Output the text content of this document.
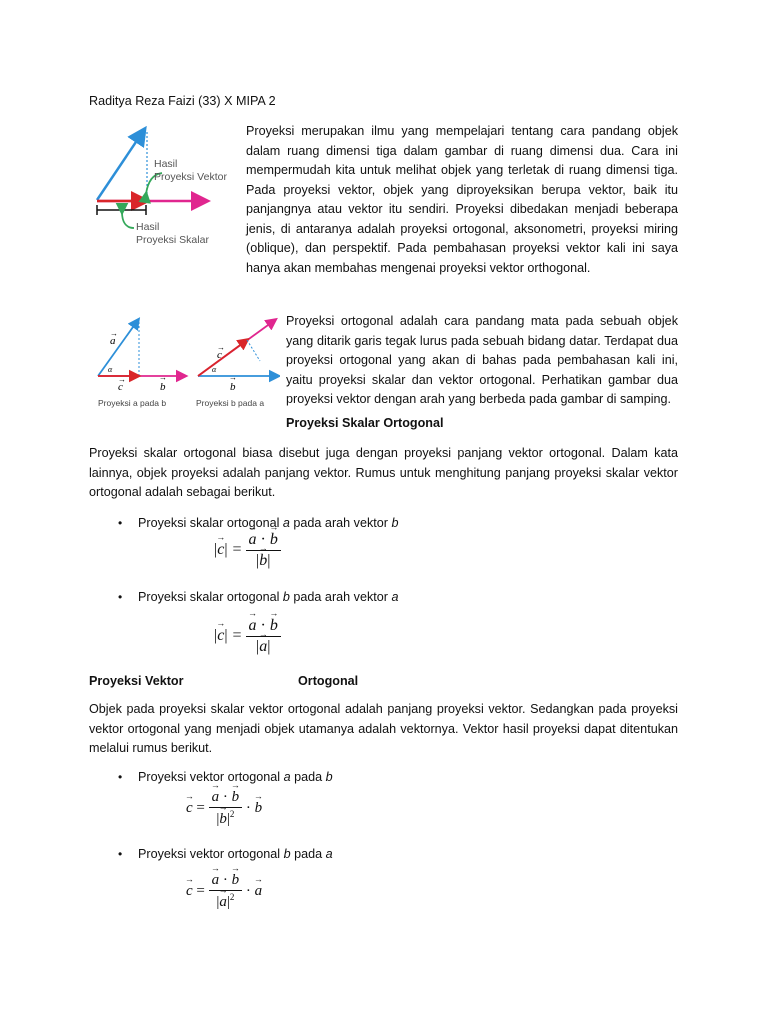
Raditya Reza Faizi (33) X MIPA 2
Hasil
Proyeksi Vektor
Hasil
Proyeksi Skalar
Proyeksi merupakan ilmu yang mempelajari tentang cara pandang objek dalam ruang dimensi tiga dalam gambar di ruang dimensi dua. Cara ini mempermudah kita untuk melihat objek yang terletak di ruang dimensi tiga. Pada proyeksi vektor, objek yang diproyeksikan berupa vektor, baik itu panjangnya atau vektor itu sendiri. Proyeksi dibedakan menjadi beberapa jenis, di antaranya adalah proyeksi ortogonal, aksonometri, proyeksi miring (oblique), dan perspektif. Pada pembahasan proyeksi vektor kali ini saya hanya akan membahas mengenai proyeksi vektor orthogonal.
a
→
α
c
→
b
→
Proyeksi a pada b
c
→
α
b
→
Proyeksi b pada a
a
Proyeksi ortogonal adalah cara pandang mata pada sebuah objek yang ditarik garis tegak lurus pada sebuah bidang datar. Terdapat dua proyeksi ortogonal yang akan di bahas pada pembahasan kali ini, yaitu proyeksi skalar dan vektor ortogonal. Perhatikan gambar dua proyeksi vektor dengan arah yang berbeda pada gambar di samping.
Proyeksi Skalar Ortogonal
Proyeksi skalar ortogonal biasa disebut juga dengan proyeksi panjang vektor ortogonal. Dalam kata lainnya, objek proyeksi adalah panjang vektor. Rumus untuk menghitung panjang proyeksi skalar vektor ortogonal adalah sebagai berikut.
• Proyeksi skalar ortogonal a pada arah vektor b
|→ c| = → $\frac{a \cdot \to b}{|\to b|}$
• Proyeksi skalar ortogonal b pada arah vektor a
|→ c| = → $\frac{a \cdot \to b}{|\to a|}$
Proyeksi Vektor	Ortogonal
Objek pada proyeksi skalar vektor ortogonal adalah panjang proyeksi vektor. Sedangkan pada proyeksi vektor ortogonal yang menjadi objek utamanya adalah vektornya. Vektor hasil proyeksi dapat ditentukan melalui rumus berikut.
• Proyeksi vektor ortogonal a pada b
→ c = → $\frac{a \cdot \to b}{|\to b|^2}$ · → b
• Proyeksi vektor ortogonal b pada a
→ c = → $\frac{a \cdot \to b}{|\to a|^2}$ · → a
